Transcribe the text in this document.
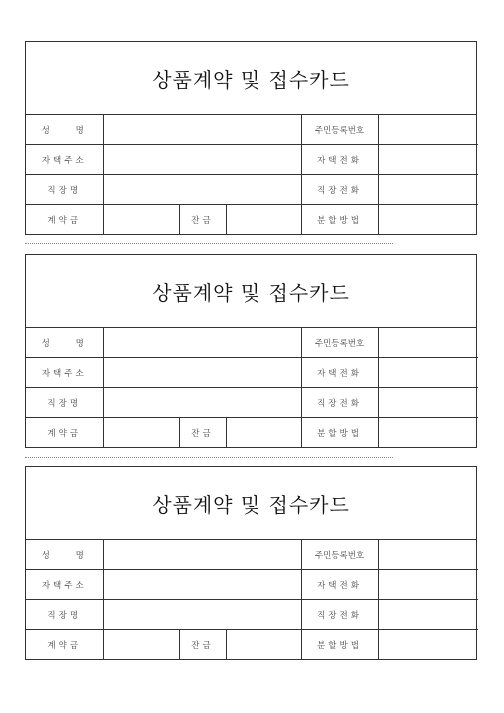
상품계약 및 접수카드
성    명				주민등록번호	
자택주소				자택전화	
직장명				직장전화	
계약금		잔금		분할방법	
상품계약 및 접수카드
성    명				주민등록번호	
자택주소				자택전화	
직장명				직장전화	
계약금		잔금		분할방법	
상품계약 및 접수카드
성    명				주민등록번호	
자택주소				자택전화	
직장명				직장전화	
계약금		잔금		분할방법	
